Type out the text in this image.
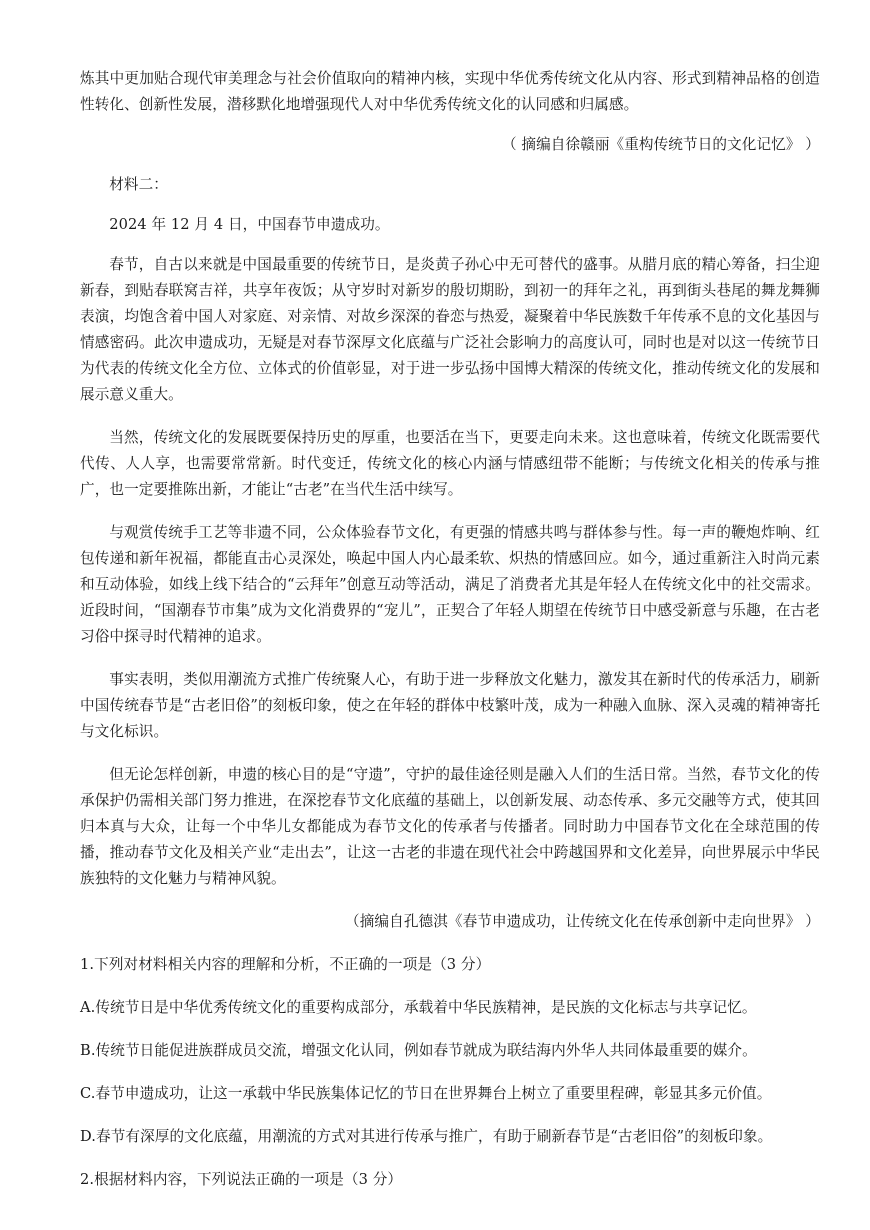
炼其中更加贴合现代审美理念与社会价值取向的精神内核，实现中华优秀传统文化从内容、形式到精神品格的创造性转化、创新性发展，潜移默化地增强现代人对中华优秀传统文化的认同感和归属感。

（ 摘编自徐赣丽《重构传统节日的文化记忆》 ）

材料二：

2024 年 12 月 4 日，中国春节申遗成功。

春节，自古以来就是中国最重要的传统节日，是炎黄子孙心中无可替代的盛事。从腊月底的精心筹备，扫尘迎新春，到贴春联窝吉祥，共享年夜饭；从守岁时对新岁的殷切期盼，到初一的拜年之礼，再到街头巷尾的舞龙舞狮表演，均饱含着中国人对家庭、对亲情、对故乡深深的眷恋与热爱，凝聚着中华民族数千年传承不息的文化基因与情感密码。此次申遗成功，无疑是对春节深厚文化底蕴与广泛社会影响力的高度认可，同时也是对以这一传统节日为代表的传统文化全方位、立体式的价值彰显，对于进一步弘扬中国博大精深的传统文化，推动传统文化的发展和展示意义重大。

当然，传统文化的发展既要保持历史的厚重，也要活在当下，更要走向未来。这也意味着，传统文化既需要代代传、人人享，也需要常常新。时代变迁，传统文化的核心内涵与情感纽带不能断；与传统文化相关的传承与推广，也一定要推陈出新，才能让“古老”在当代生活中续写。

与观赏传统手工艺等非遗不同，公众体验春节文化，有更强的情感共鸣与群体参与性。每一声的鞭炮炸响、红包传递和新年祝福，都能直击心灵深处，唤起中国人内心最柔软、炽热的情感回应。如今，通过重新注入时尚元素和互动体验，如线上线下结合的“云拜年”创意互动等活动，满足了消费者尤其是年轻人在传统文化中的社交需求。近段时间，“国潮春节市集”成为文化消费界的“宠儿”，正契合了年轻人期望在传统节日中感受新意与乐趣，在古老习俗中探寻时代精神的追求。

事实表明，类似用潮流方式推广传统聚人心，有助于进一步释放文化魅力，激发其在新时代的传承活力，刷新中国传统春节是“古老旧俗”的刻板印象，使之在年轻的群体中枝繁叶茂，成为一种融入血脉、深入灵魂的精神寄托与文化标识。

但无论怎样创新，申遗的核心目的是“守遗”，守护的最佳途径则是融入人们的生活日常。当然，春节文化的传承保护仍需相关部门努力推进，在深挖春节文化底蕴的基础上，以创新发展、动态传承、多元交融等方式，使其回归本真与大众，让每一个中华儿女都能成为春节文化的传承者与传播者。同时助力中国春节文化在全球范围的传播，推动春节文化及相关产业“走出去”，让这一古老的非遗在现代社会中跨越国界和文化差异，向世界展示中华民族独特的文化魅力与精神风貌。

（摘编自孔德淇《春节申遗成功，让传统文化在传承创新中走向世界》 ）

1.下列对材料相关内容的理解和分析，不正确的一项是（3 分）

A.传统节日是中华优秀传统文化的重要构成部分，承载着中华民族精神，是民族的文化标志与共享记忆。

B.传统节日能促进族群成员交流，增强文化认同，例如春节就成为联结海内外华人共同体最重要的媒介。

C.春节申遗成功，让这一承载中华民族集体记忆的节日在世界舞台上树立了重要里程碑，彰显其多元价值。

D.春节有深厚的文化底蕴，用潮流的方式对其进行传承与推广，有助于刷新春节是“古老旧俗”的刻板印象。

2.根据材料内容，下列说法正确的一项是（3 分）
